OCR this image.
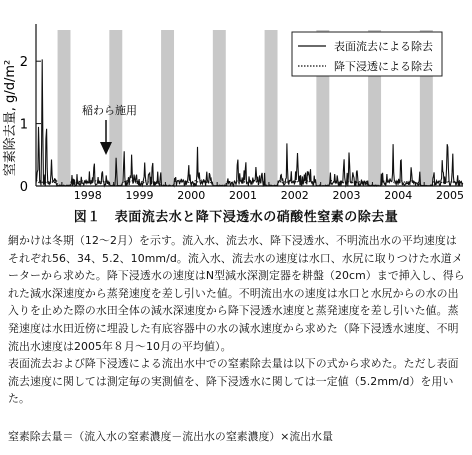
窒素除去量, g/d/m²
0
1
2
1998 1999 2000 2001 2002 2003 2004 2005
表面流去による除去
降下浸透による除去
稲わら施用
図１ 表面流去水と降下浸透水の硝酸性窒素の除去量

網かけは冬期（12～2月）を示す。流入水、流去水、降下浸透水、不明流出水の平均速度はそれぞれ56、34、5.2、10mm/d。流入水、流去水の速度は水口、水尻に取りつけた水道メーターから求めた。降下浸透水の速度はN型減水深測定器を耕盤（20cm）まで挿入し、得られた減水深速度から蒸発速度を差し引いた値。不明流出水の速度は水口と水尻からの水の出入りを止めた際の水田全体の減水深速度から降下浸透水速度と蒸発速度を差し引いた値。蒸発速度は水田近傍に埋設した有底容器中の水の減水速度から求めた（降下浸透水速度、不明流出水速度は2005年８月～10月の平均値）。

表面流去および降下浸透による流出水中での窒素除去量は以下の式から求めた。ただし表面流去速度に関しては測定毎の実測値を、降下浸透水に関しては一定値（5.2mm/d）を用いた。

窒素除去量＝（流入水の窒素濃度－流出水の窒素濃度）×流出水量
